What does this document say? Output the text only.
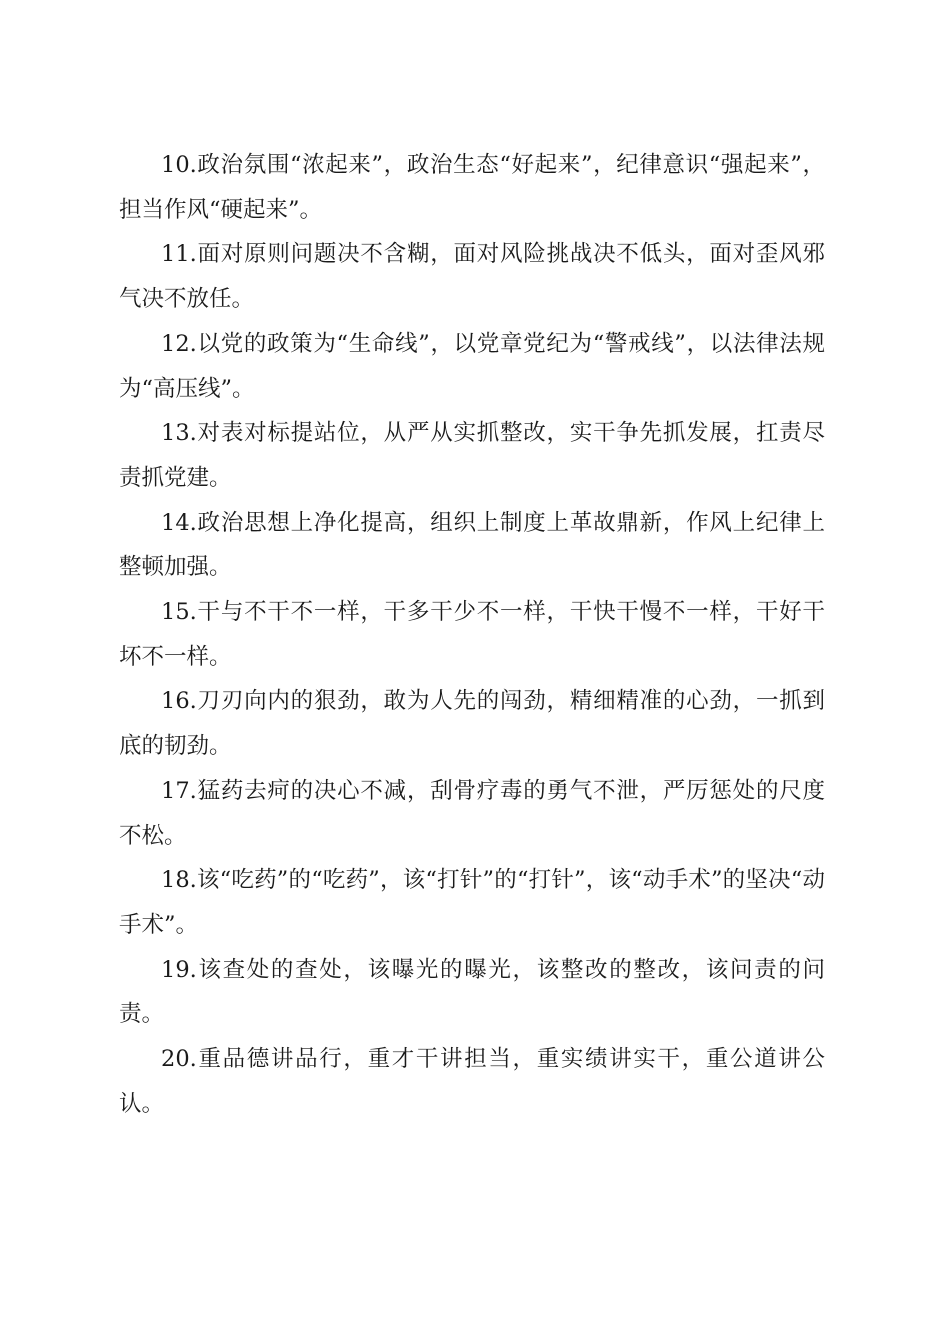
10.政治氛围“浓起来”，政治生态“好起来”，纪律意识“强起来”，担当作风“硬起来”。

11.面对原则问题决不含糊，面对风险挑战决不低头，面对歪风邪气决不放任。

12.以党的政策为“生命线”，以党章党纪为“警戒线”，以法律法规为“高压线”。

13.对表对标提站位，从严从实抓整改，实干争先抓发展，扛责尽责抓党建。

14.政治思想上净化提高，组织上制度上革故鼎新，作风上纪律上整顿加强。

15.干与不干不一样，干多干少不一样，干快干慢不一样，干好干坏不一样。

16.刀刃向内的狠劲，敢为人先的闯劲，精细精准的心劲，一抓到底的韧劲。

17.猛药去疴的决心不减，刮骨疗毒的勇气不泄，严厉惩处的尺度不松。

18.该“吃药”的“吃药”，该“打针”的“打针”，该“动手术”的坚决“动手术”。

19.该查处的查处，该曝光的曝光，该整改的整改，该问责的问责。

20.重品德讲品行，重才干讲担当，重实绩讲实干，重公道讲公认。
